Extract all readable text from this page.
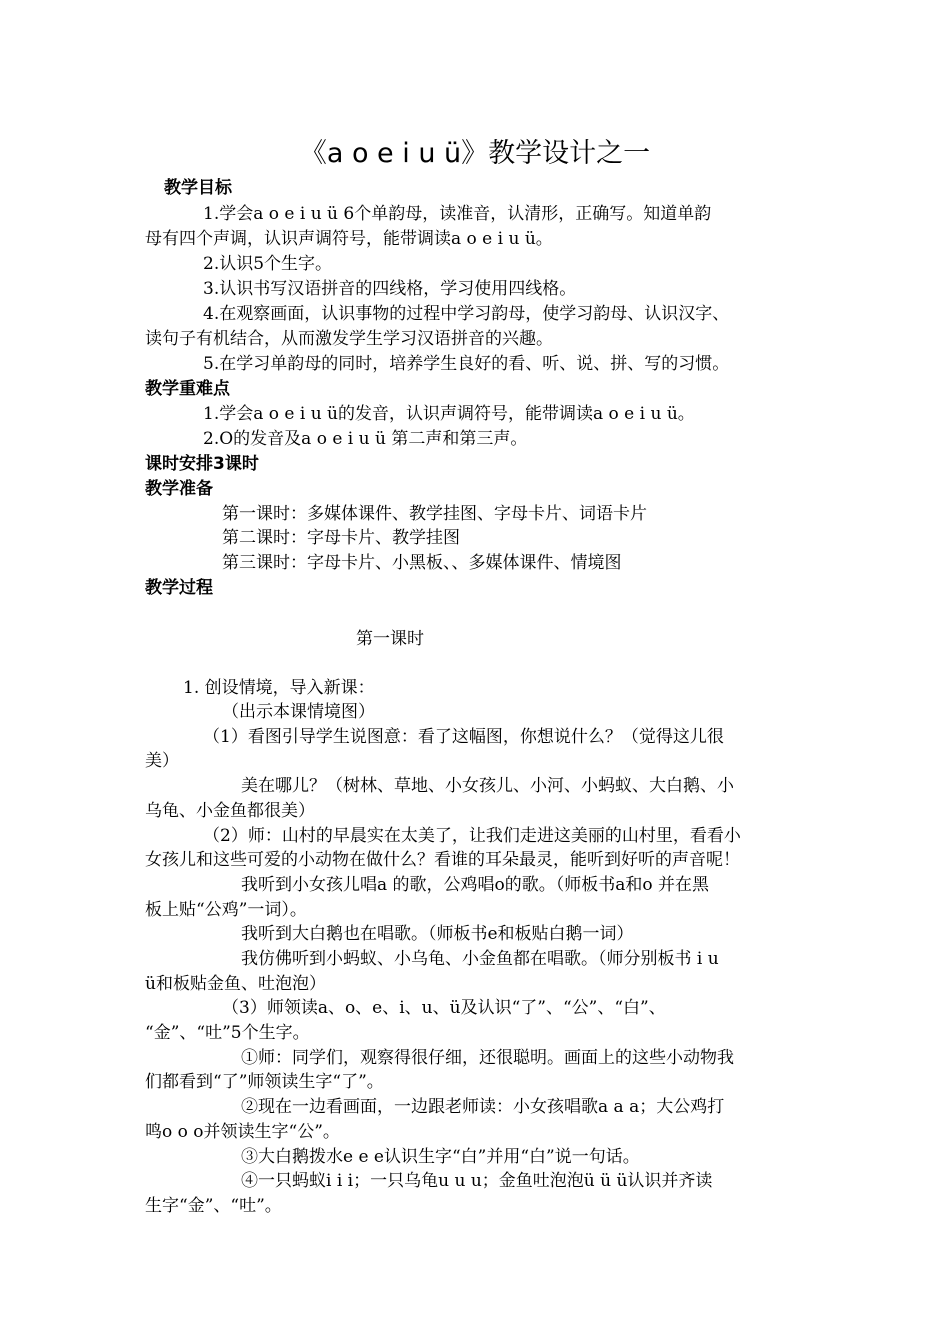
《a o e i u ü》教学设计之一
教学目标
1.学会a o e i u ü 6个单韵母，读准音，认清形，正确写。知道单韵
母有四个声调，认识声调符号，能带调读a o e i u ü。
2.认识5个生字。
3.认识书写汉语拼音的四线格，学习使用四线格。
4.在观察画面，认识事物的过程中学习韵母，使学习韵母、认识汉字、
读句子有机结合，从而激发学生学习汉语拼音的兴趣。
5.在学习单韵母的同时，培养学生良好的看、听、说、拼、写的习惯。
教学重难点
1.学会a o e i u ü的发音，认识声调符号，能带调读a o e i u ü。
2.O的发音及a o e i u ü 第二声和第三声。
课时安排3课时
教学准备
第一课时：多媒体课件、教学挂图、字母卡片、词语卡片
第二课时：字母卡片、教学挂图
第三课时：字母卡片、小黑板、、多媒体课件、情境图
教学过程
第一课时
1. 创设情境，导入新课：
（出示本课情境图）
（1）看图引导学生说图意：看了这幅图，你想说什么？（觉得这儿很
美）
美在哪儿？（树林、草地、小女孩儿、小河、小蚂蚁、大白鹅、小
乌龟、小金鱼都很美）
（2）师：山村的早晨实在太美了，让我们走进这美丽的山村里，看看小
女孩儿和这些可爱的小动物在做什么？看谁的耳朵最灵，能听到好听的声音呢！
我听到小女孩儿唱a 的歌，公鸡唱o的歌。（师板书a和o 并在黑
板上贴“公鸡”一词）。
我听到大白鹅也在唱歌。（师板书e和板贴白鹅一词）
我仿佛听到小蚂蚁、小乌龟、小金鱼都在唱歌。（师分别板书 i u
ü和板贴金鱼、吐泡泡）
（3）师领读a、o、e、i、u、ü及认识“了”、“公”、“白”、
“金”、“吐”5个生字。
①师：同学们，观察得很仔细，还很聪明。画面上的这些小动物我
们都看到“了”师领读生字“了”。
②现在一边看画面，一边跟老师读：小女孩唱歌a a a；大公鸡打
鸣o o o并领读生字“公”。
③大白鹅拨水e e e认识生字“白”并用“白”说一句话。
④一只蚂蚁i i i；一只乌龟u u u；金鱼吐泡泡ü ü ü认识并齐读
生字“金”、“吐”。
